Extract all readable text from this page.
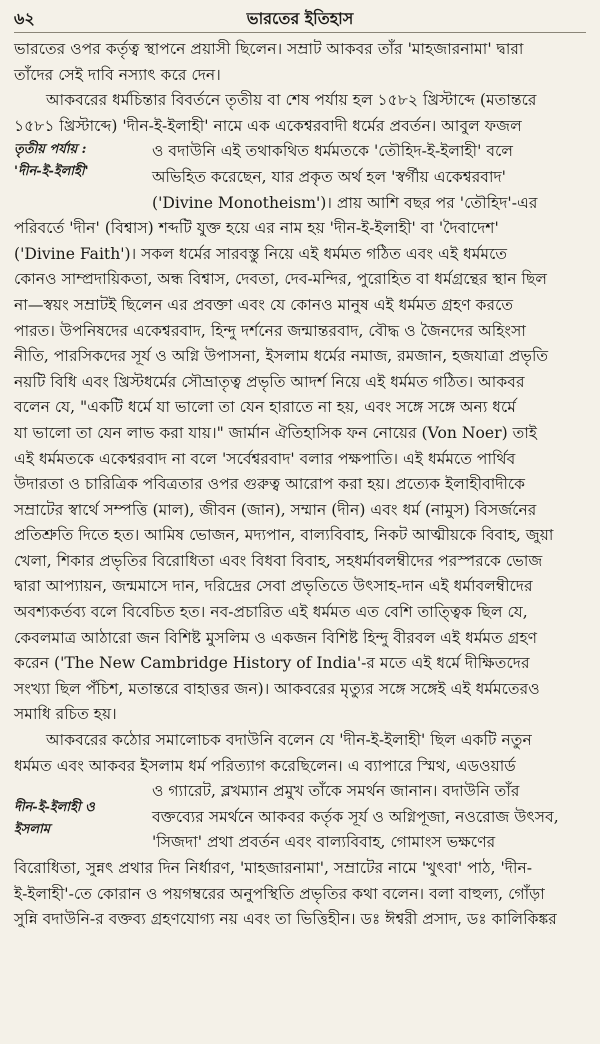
৬২	ভারতের ইতিহাস

ভারতের ওপর কর্তৃত্ব স্থাপনে প্রয়াসী ছিলেন। সম্রাট আকবর তাঁর 'মাহজারনামা' দ্বারা

তাঁদের সেই দাবি নস্যাৎ করে দেন।

আকবরের ধর্মচিন্তার বিবর্তনে তৃতীয় বা শেষ পর্যায় হল ১৫৮২ খ্রিস্টাব্দে (মতান্তরে

১৫৮১ খ্রিস্টাব্দে) 'দীন-ই-ইলাহী' নামে এক একেশ্বরবাদী ধর্মের প্রবর্তন। আবুল ফজল

তৃতীয় পর্যায় :
'দীন-ই-ইলাহী'

ও বদাউনি এই তথাকথিত ধর্মমতকে 'তৌহিদ-ই-ইলাহী' বলে

অভিহিত করেছেন, যার প্রকৃত অর্থ হল 'স্বর্গীয় একেশ্বরবাদ'

('Divine Monotheism')। প্রায় আশি বছর পর 'তৌহিদ'-এর

পরিবর্তে 'দীন' (বিশ্বাস) শব্দটি যুক্ত হয়ে এর নাম হয় 'দীন-ই-ইলাহী' বা 'দৈবাদেশ'

('Divine Faith')। সকল ধর্মের সারবস্তু নিয়ে এই ধর্মমত গঠিত এবং এই ধর্মমতে

কোনও সাম্প্রদায়িকতা, অন্ধ বিশ্বাস, দেবতা, দেব-মন্দির, পুরোহিত বা ধর্মগ্রন্থের স্থান ছিল

না—স্বয়ং সম্রাটই ছিলেন এর প্রবক্তা এবং যে কোনও মানুষ এই ধর্মমত গ্রহণ করতে

পারত। উপনিষদের একেশ্বরবাদ, হিন্দু দর্শনের জন্মান্তরবাদ, বৌদ্ধ ও জৈনদের অহিংসা

নীতি, পারসিকদের সূর্য ও অগ্নি উপাসনা, ইসলাম ধর্মের নমাজ, রমজান, হজযাত্রা প্রভৃতি

নয়টি বিধি এবং খ্রিস্টধর্মের সৌভ্রাতৃত্ব প্রভৃতি আদর্শ নিয়ে এই ধর্মমত গঠিত। আকবর

বলেন যে, "একটি ধর্মে যা ভালো তা যেন হারাতে না হয়, এবং সঙ্গে সঙ্গে অন্য ধর্মে

যা ভালো তা যেন লাভ করা যায়।" জার্মান ঐতিহাসিক ফন নোয়ের (Von Noer) তাই

এই ধর্মমতকে একেশ্বরবাদ না বলে 'সর্বেশ্বরবাদ' বলার পক্ষপাতি। এই ধর্মমতে পার্থিব

উদারতা ও চারিত্রিক পবিত্রতার ওপর গুরুত্ব আরোপ করা হয়। প্রত্যেক ইলাহীবাদীকে

সম্রাটের স্বার্থে সম্পত্তি (মাল), জীবন (জান), সম্মান (দীন) এবং ধর্ম (নামুস) বিসর্জনের

প্রতিশ্রুতি দিতে হত। আমিষ ভোজন, মদ্যপান, বাল্যবিবাহ, নিকট আত্মীয়কে বিবাহ, জুয়া

খেলা, শিকার প্রভৃতির বিরোধিতা এবং বিধবা বিবাহ, সহধর্মাবলম্বীদের পরস্পরকে ভোজ

দ্বারা আপ্যায়ন, জন্মমাসে দান, দরিদ্রের সেবা প্রভৃতিতে উৎসাহ-দান এই ধর্মাবলম্বীদের

অবশ্যকর্তব্য বলে বিবেচিত হত। নব-প্রচারিত এই ধর্মমত এত বেশি তাত্ত্বিক ছিল যে,

কেবলমাত্র আঠারো জন বিশিষ্ট মুসলিম ও একজন বিশিষ্ট হিন্দু বীরবল এই ধর্মমত গ্রহণ

করেন ('The New Cambridge History of India'-র মতে এই ধর্মে দীক্ষিতদের

সংখ্যা ছিল পঁচিশ, মতান্তরে বাহাত্তর জন)। আকবরের মৃত্যুর সঙ্গে সঙ্গেই এই ধর্মমতেরও

সমাধি রচিত হয়।

আকবরের কঠোর সমালোচক বদাউনি বলেন যে 'দীন-ই-ইলাহী' ছিল একটি নতুন

ধর্মমত এবং আকবর ইসলাম ধর্ম পরিত্যাগ করেছিলেন। এ ব্যাপারে স্মিথ, এডওয়ার্ড

দীন-ই-ইলাহী ও
ইসলাম

ও গ্যারেট, ব্লখম্যান প্রমুখ তাঁকে সমর্থন জানান। বদাউনি তাঁর

বক্তব্যের সমর্থনে আকবর কর্তৃক সূর্য ও অগ্নিপূজা, নওরোজ উৎসব,

'সিজদা' প্রথা প্রবর্তন এবং বাল্যবিবাহ, গোমাংস ভক্ষণের

বিরোধিতা, সুন্নৎ প্রথার দিন নির্ধারণ, 'মাহজারনামা', সম্রাটের নামে 'খুৎবা' পাঠ, 'দীন-

ই-ইলাহী'-তে কোরান ও পয়গম্বরের অনুপস্থিতি প্রভৃতির কথা বলেন। বলা বাহুল্য, গোঁড়া

সুন্নি বদাউনি-র বক্তব্য গ্রহণযোগ্য নয় এবং তা ভিত্তিহীন। ডঃ ঈশ্বরী প্রসাদ, ডঃ কালিকিঙ্কর
